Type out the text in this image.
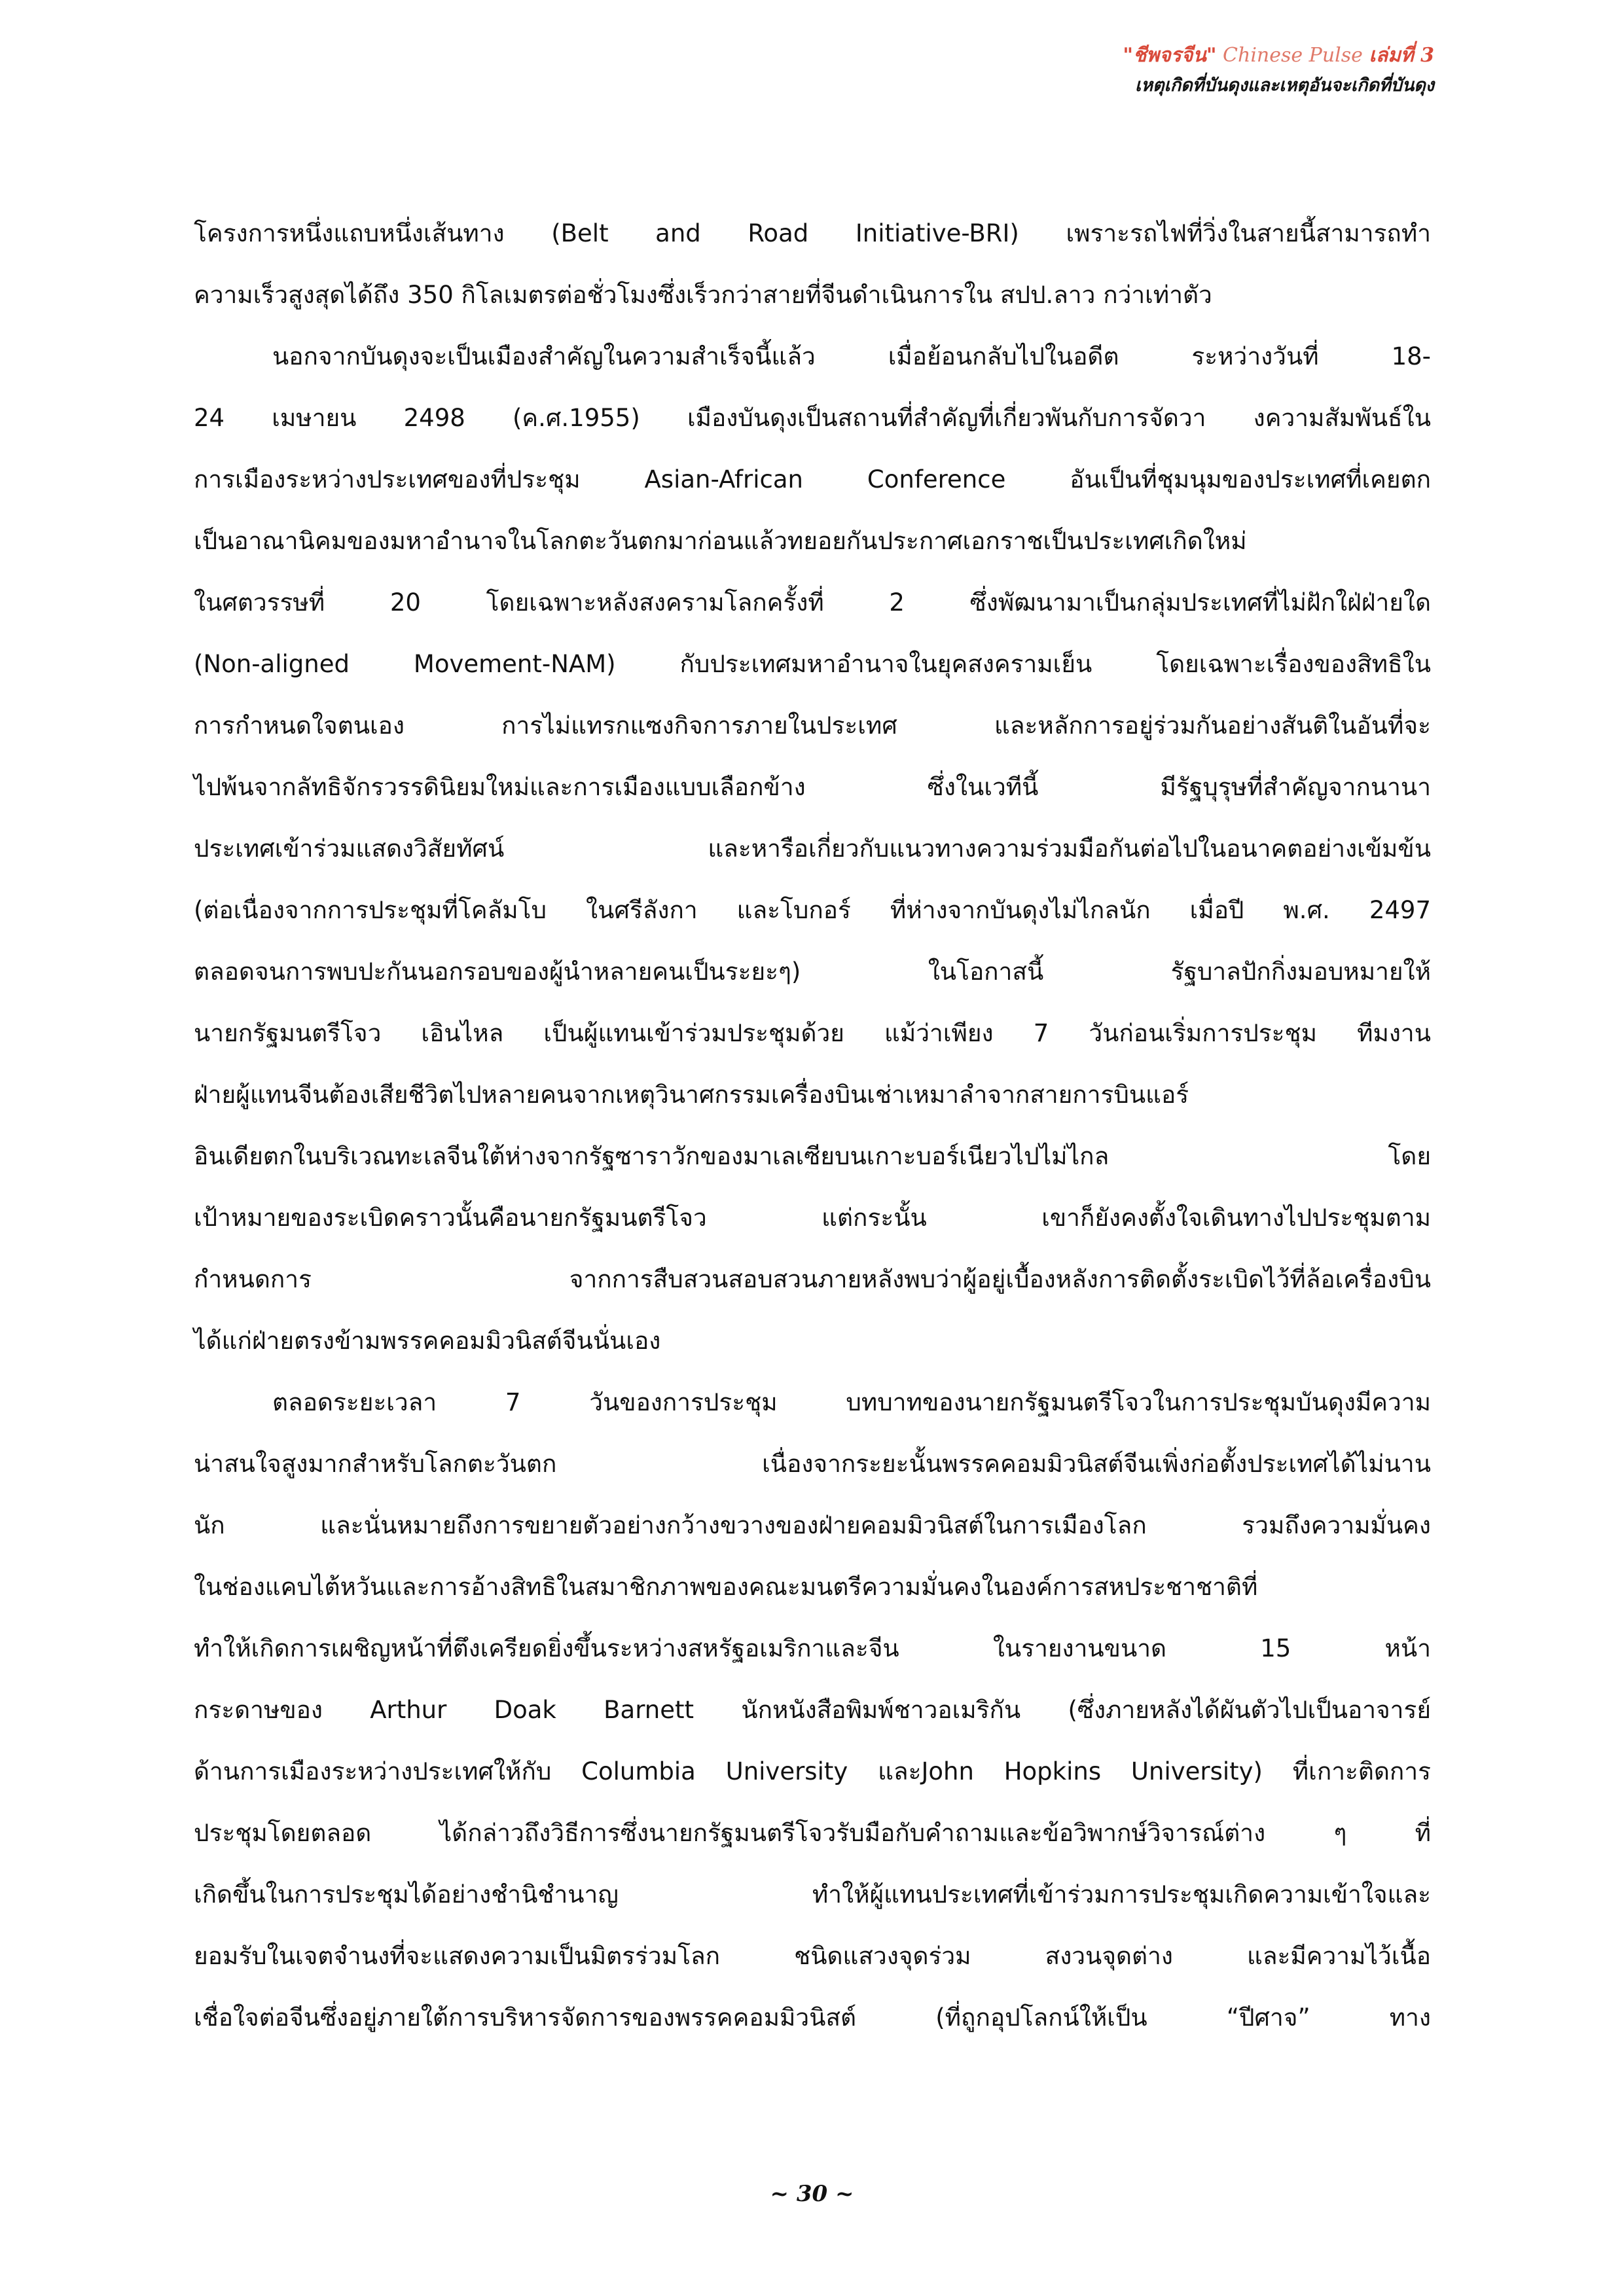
"ชีพจรจีน" Chinese Pulse เล่มที่ 3
เหตุเกิดที่บันดุงและเหตุอันจะเกิดที่บันดุง
โครงการหนึ่งแถบหนึ่งเส้นทาง (Belt and Road Initiative-BRI) เพราะรถไฟที่วิ่งในสายนี้สามารถทำ
ความเร็วสูงสุดได้ถึง 350 กิโลเมตรต่อชั่วโมงซึ่งเร็วกว่าสายที่จีนดำเนินการใน สปป.ลาว กว่าเท่าตัว
นอกจากบันดุงจะเป็นเมืองสำคัญในความสำเร็จนี้แล้ว เมื่อย้อนกลับไปในอดีต ระหว่างวันที่ 18-
24 เมษายน 2498 (ค.ศ.1955) เมืองบันดุงเป็นสถานที่สำคัญที่เกี่ยวพันกับการจัดวา งความสัมพันธ์ใน
การเมืองระหว่างประเทศของที่ประชุม Asian-African Conference อันเป็นที่ชุมนุมของประเทศที่เคยตก
เป็นอาณานิคมของมหาอำนาจในโลกตะวันตกมาก่อนแล้วทยอยกันประกาศเอกราชเป็นประเทศเกิดใหม่
ในศตวรรษที่ 20 โดยเฉพาะหลังสงครามโลกครั้งที่ 2 ซึ่งพัฒนามาเป็นกลุ่มประเทศที่ไม่ฝักใฝ่ฝ่ายใด
(Non-aligned Movement-NAM) กับประเทศมหาอำนาจในยุคสงครามเย็น โดยเฉพาะเรื่องของสิทธิใน
การกำหนดใจตนเอง การไม่แทรกแซงกิจการภายในประเทศ และหลักการอยู่ร่วมกันอย่างสันติในอันที่จะ
ไปพ้นจากลัทธิจักรวรรดินิยมใหม่และการเมืองแบบเลือกข้าง ซึ่งในเวทีนี้ มีรัฐบุรุษที่สำคัญจากนานา
ประเทศเข้าร่วมแสดงวิสัยทัศน์ และหารือเกี่ยวกับแนวทางความร่วมมือกันต่อไปในอนาคตอย่างเข้มข้น
(ต่อเนื่องจากการประชุมที่โคลัมโบ ในศรีลังกา และโบกอร์ ที่ห่างจากบันดุงไม่ไกลนัก เมื่อปี พ.ศ. 2497
ตลอดจนการพบปะกันนอกรอบของผู้นำหลายคนเป็นระยะๆ) ในโอกาสนี้ รัฐบาลปักกิ่งมอบหมายให้
นายกรัฐมนตรีโจว เอินไหล เป็นผู้แทนเข้าร่วมประชุมด้วย แม้ว่าเพียง 7 วันก่อนเริ่มการประชุม ทีมงาน
ฝ่ายผู้แทนจีนต้องเสียชีวิตไปหลายคนจากเหตุวินาศกรรมเครื่องบินเช่าเหมาลำจากสายการบินแอร์
อินเดียตกในบริเวณทะเลจีนใต้ห่างจากรัฐซาราวักของมาเลเซียบนเกาะบอร์เนียวไปไม่ไกล โดย
เป้าหมายของระเบิดคราวนั้นคือนายกรัฐมนตรีโจว แต่กระนั้น เขาก็ยังคงตั้งใจเดินทางไปประชุมตาม
กำหนดการ จากการสืบสวนสอบสวนภายหลังพบว่าผู้อยู่เบื้องหลังการติดตั้งระเบิดไว้ที่ล้อเครื่องบิน
ได้แก่ฝ่ายตรงข้ามพรรคคอมมิวนิสต์จีนนั่นเอง
ตลอดระยะเวลา 7 วันของการประชุม บทบาทของนายกรัฐมนตรีโจวในการประชุมบันดุงมีความ
น่าสนใจสูงมากสำหรับโลกตะวันตก เนื่องจากระยะนั้นพรรคคอมมิวนิสต์จีนเพิ่งก่อตั้งประเทศได้ไม่นาน
นัก และนั่นหมายถึงการขยายตัวอย่างกว้างขวางของฝ่ายคอมมิวนิสต์ในการเมืองโลก รวมถึงความมั่นคง
ในช่องแคบไต้หวันและการอ้างสิทธิในสมาชิกภาพของคณะมนตรีความมั่นคงในองค์การสหประชาชาติที่
ทำให้เกิดการเผชิญหน้าที่ตึงเครียดยิ่งขึ้นระหว่างสหรัฐอเมริกาและจีน ในรายงานขนาด 15 หน้า
กระดาษของ Arthur Doak Barnett นักหนังสือพิมพ์ชาวอเมริกัน (ซึ่งภายหลังได้ผันตัวไปเป็นอาจารย์
ด้านการเมืองระหว่างประเทศให้กับ Columbia University และJohn Hopkins University) ที่เกาะติดการ
ประชุมโดยตลอด ได้กล่าวถึงวิธีการซึ่งนายกรัฐมนตรีโจวรับมือกับคำถามและข้อวิพากษ์วิจารณ์ต่าง ๆ ที่
เกิดขึ้นในการประชุมได้อย่างชำนิชำนาญ ทำให้ผู้แทนประเทศที่เข้าร่วมการประชุมเกิดความเข้าใจและ
ยอมรับในเจตจำนงที่จะแสดงความเป็นมิตรร่วมโลก ชนิดแสวงจุดร่วม สงวนจุดต่าง และมีความไว้เนื้อ
เชื่อใจต่อจีนซึ่งอยู่ภายใต้การบริหารจัดการของพรรคคอมมิวนิสต์ (ที่ถูกอุปโลกน์ให้เป็น “ปีศาจ” ทาง
~ 30 ~
